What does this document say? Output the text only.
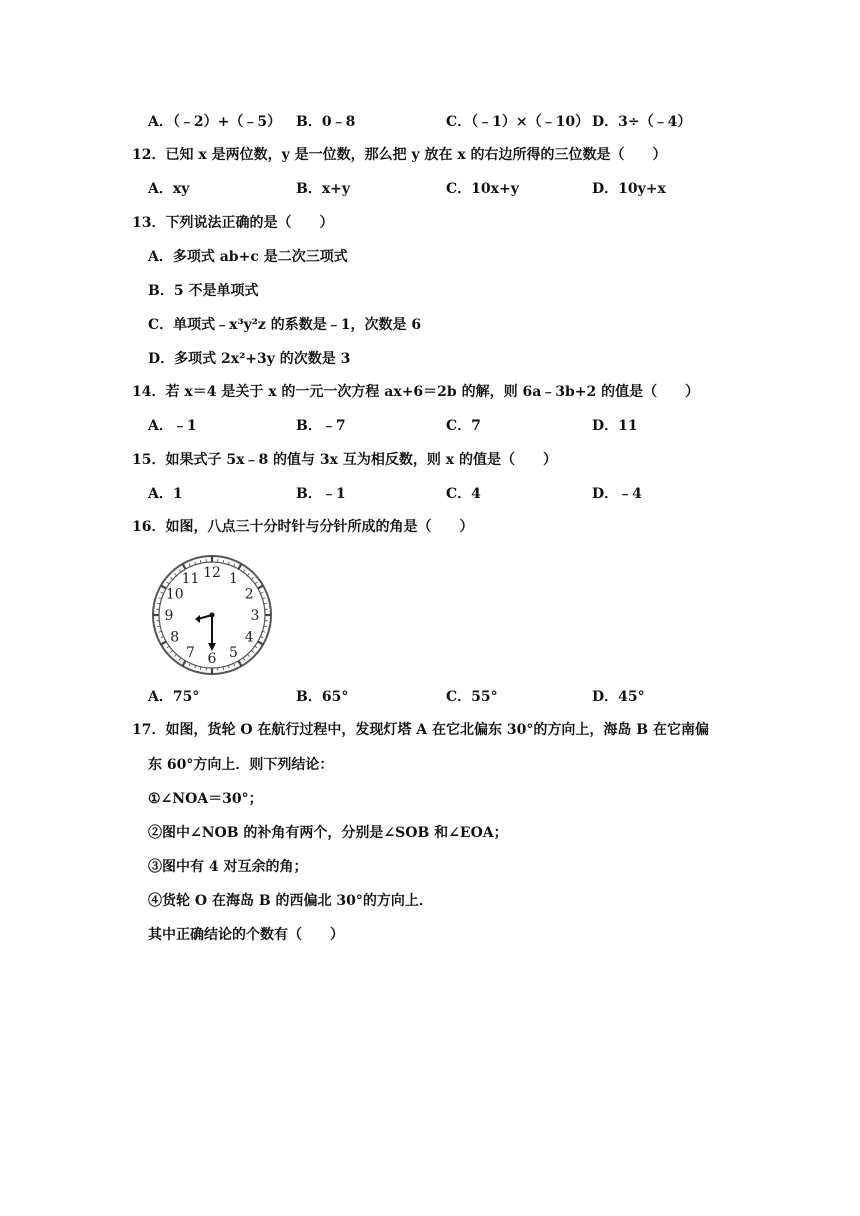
A．（﹣2）+（﹣5） B．0﹣8	C．（﹣1）×（﹣10） D．3÷（﹣4）
12．已知 x 是两位数，y 是一位数，那么把 y 放在 x 的右边所得的三位数是（　　）
A．xy	B．x+y	C．10x+y	D．10y+x
13．下列说法正确的是（　　）
A．多项式 ab+c 是二次三项式
B．5 不是单项式
C．单项式﹣x³y²z 的系数是﹣1，次数是 6
D．多项式 2x²+3y 的次数是 3
14．若 x＝4 是关于 x 的一元一次方程 ax+6＝2b 的解，则 6a﹣3b+2 的值是（　　）
A．﹣1	B．﹣7	C．7	D．11
15．如果式子 5x﹣8 的值与 3x 互为相反数，则 x 的值是（　　）
A．1	B．﹣1	C．4	D．﹣4
16．如图，八点三十分时针与分针所成的角是（　　）
12 1
2
3
4
5
6
7
8
9
10
11
A．75°	B．65°	C．55°	D．45°
17．如图，货轮 O 在航行过程中，发现灯塔 A 在它北偏东 30°的方向上，海岛 B 在它南偏
东 60°方向上．则下列结论：
①∠NOA＝30°；
②图中∠NOB 的补角有两个，分别是∠SOB 和∠EOA；
③图中有 4 对互余的角；
④货轮 O 在海岛 B 的西偏北 30°的方向上．
其中正确结论的个数有（　　）
